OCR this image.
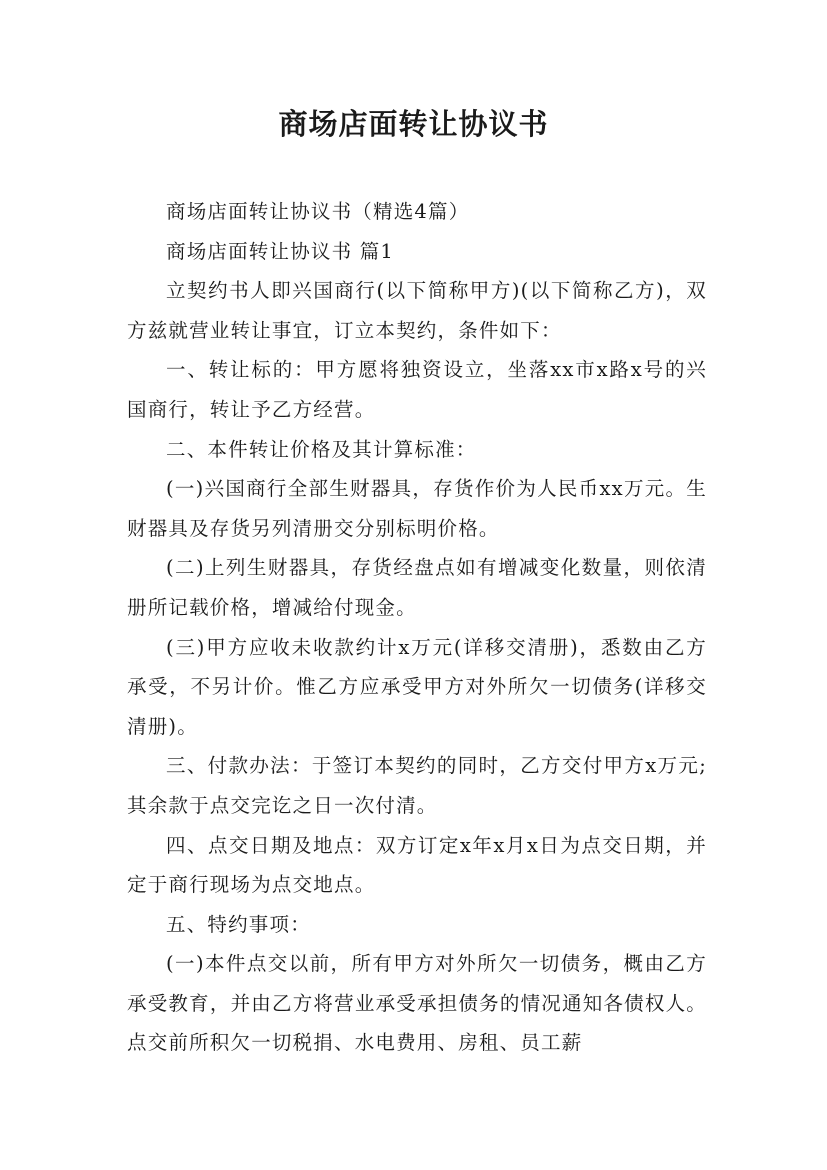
商场店面转让协议书

商场店面转让协议书（精选4篇）

商场店面转让协议书 篇1

立契约书人即兴国商行(以下简称甲方)(以下简称乙方)，双方兹就营业转让事宜，订立本契约，条件如下：

一、转让标的：甲方愿将独资设立，坐落xx市x路x号的兴国商行，转让予乙方经营。

二、本件转让价格及其计算标准：

(一)兴国商行全部生财器具，存货作价为人民币xx万元。生财器具及存货另列清册交分别标明价格。

(二)上列生财器具，存货经盘点如有增减变化数量，则依清册所记载价格，增减给付现金。

(三)甲方应收未收款约计x万元(详移交清册)，悉数由乙方承受，不另计价。惟乙方应承受甲方对外所欠一切债务(详移交清册)。

三、付款办法：于签订本契约的同时，乙方交付甲方x万元;其余款于点交完讫之日一次付清。

四、点交日期及地点：双方订定x年x月x日为点交日期，并定于商行现场为点交地点。

五、特约事项：

(一)本件点交以前，所有甲方对外所欠一切债务，概由乙方承受教育，并由乙方将营业承受承担债务的情况通知各债权人。点交前所积欠一切税捐、水电费用、房租、员工薪
